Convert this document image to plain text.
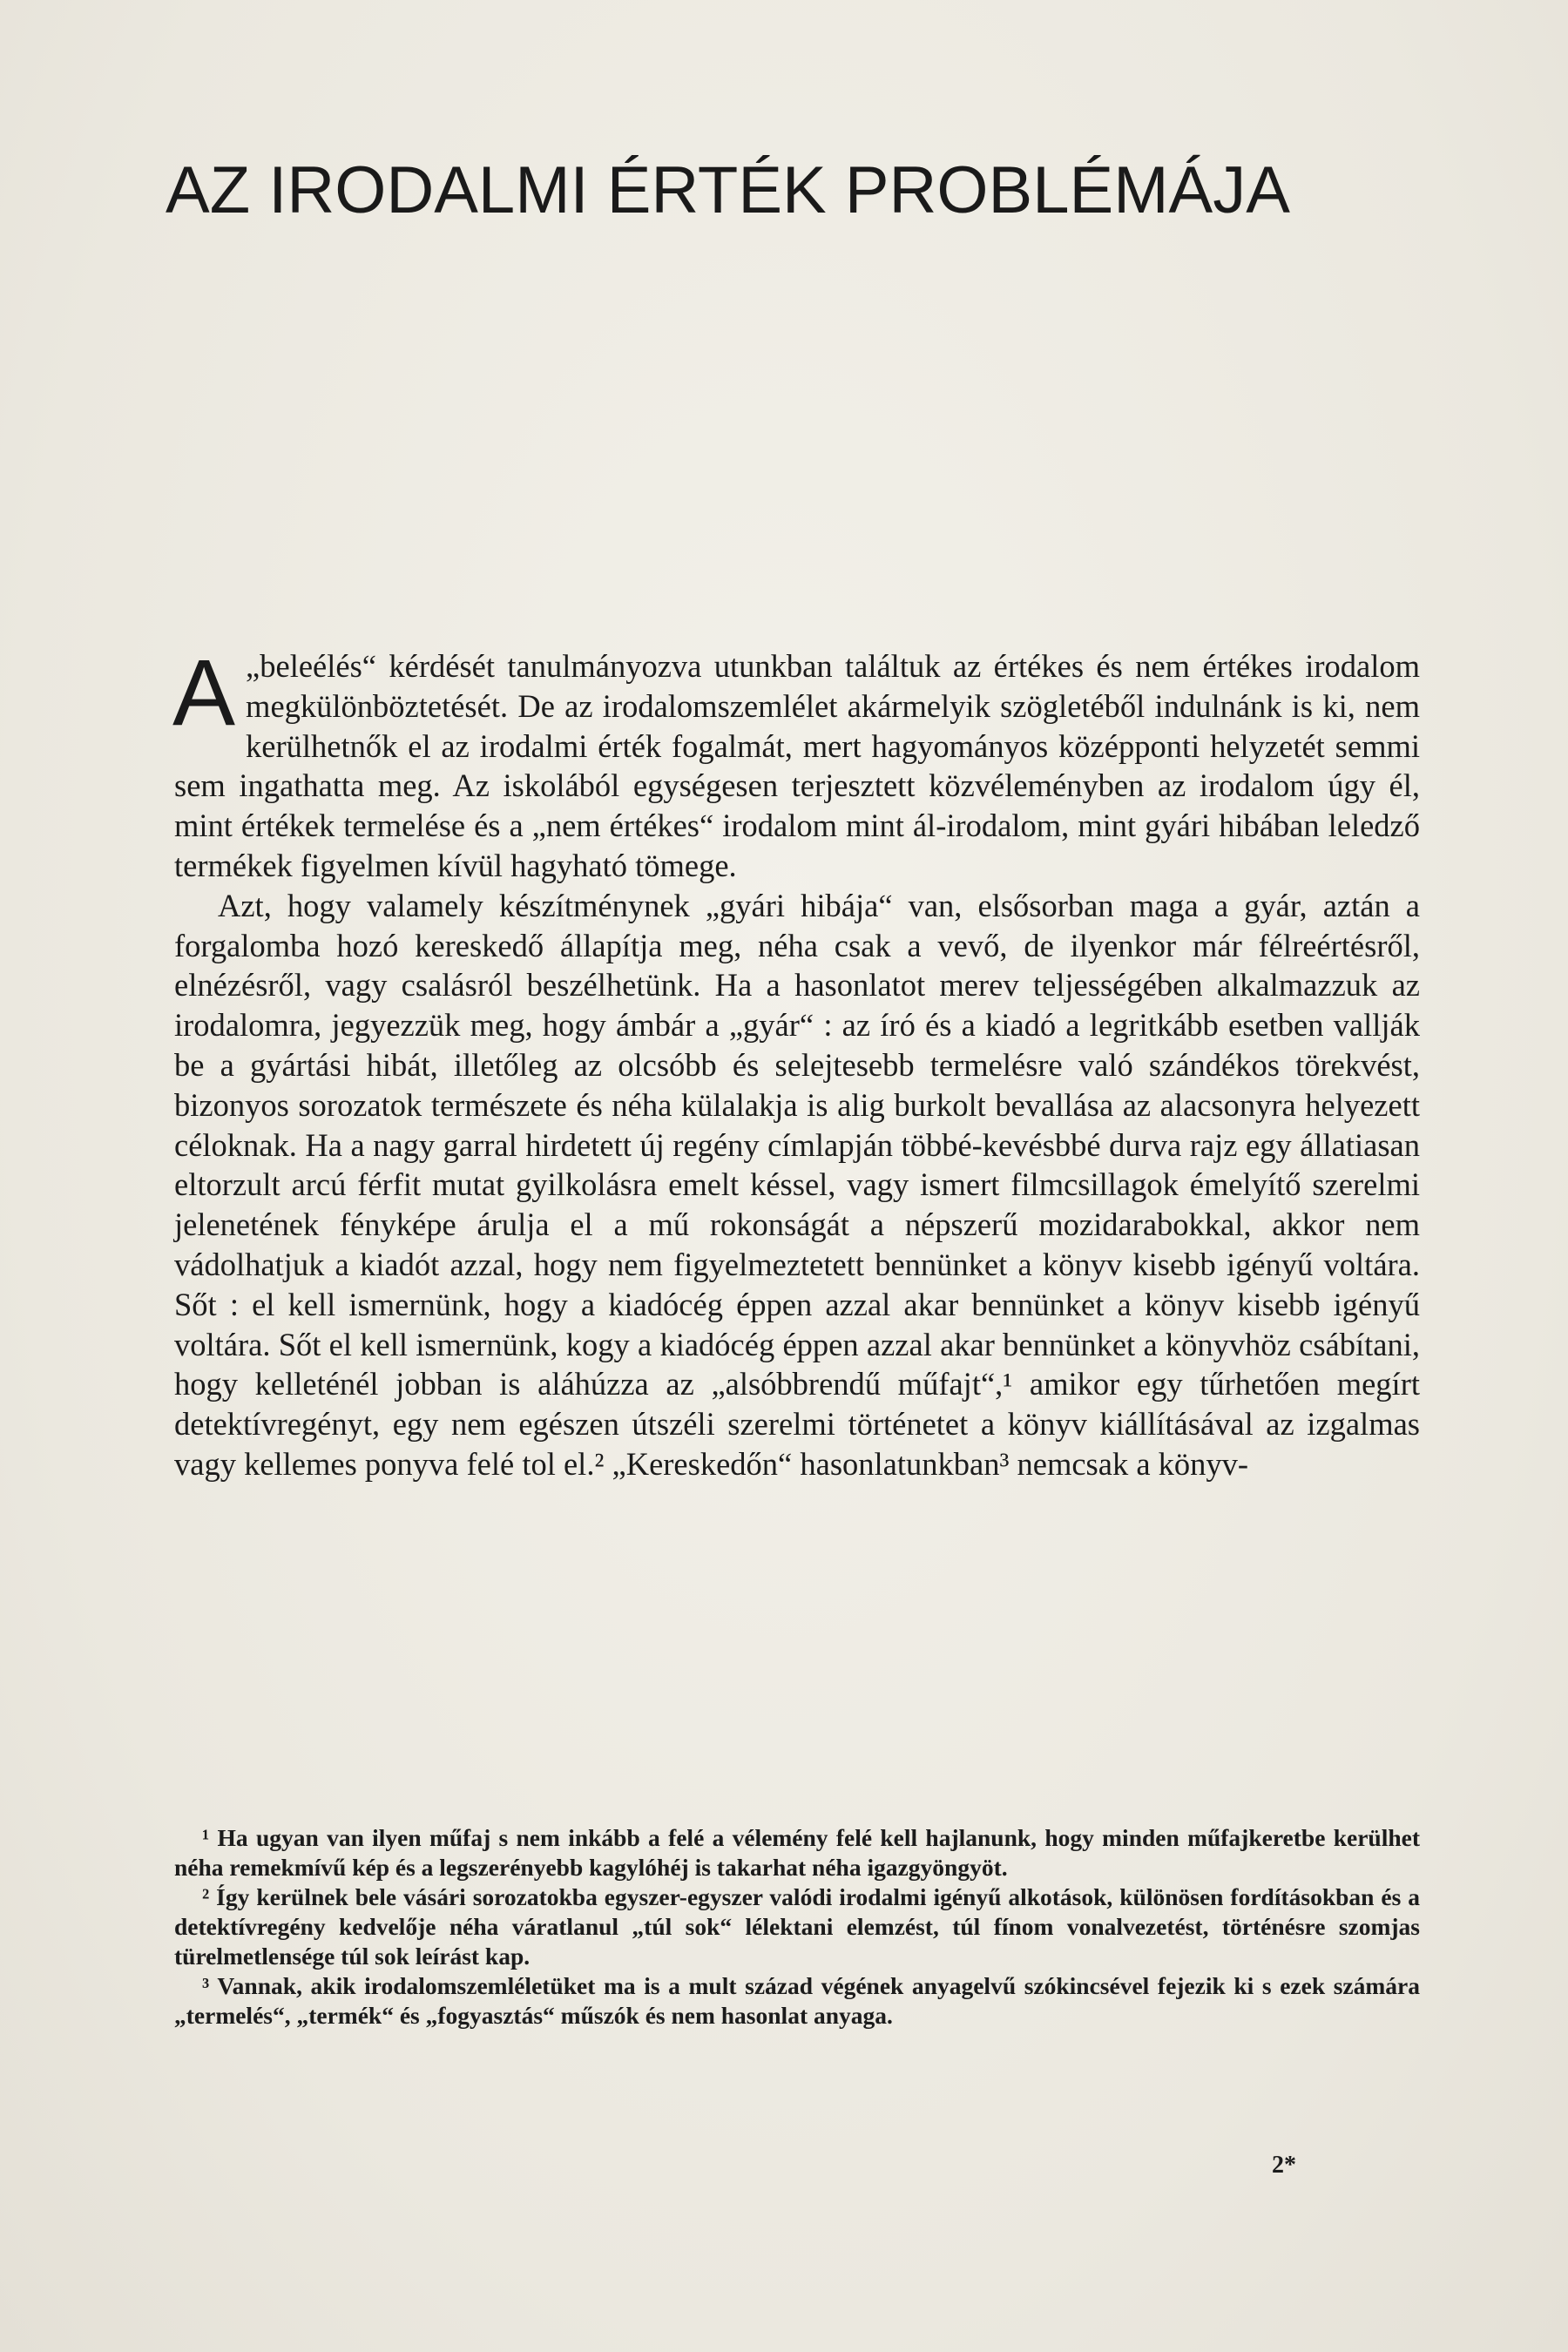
AZ IRODALMI ÉRTÉK PROBLÉMÁJA

A „beleélés“ kérdését tanulmányozva utunkban találtuk az értékes és nem értékes irodalom megkülönböztetését. De az irodalomszemlélet akármelyik szögletéből indulnánk is ki, nem kerülhetnők el az irodalmi érték fogalmát, mert hagyományos középponti helyzetét semmi sem ingathatta meg. Az iskolából egységesen terjesztett közvéleményben az irodalom úgy él, mint értékek termelése és a „nem értékes“ irodalom mint ál-irodalom, mint gyári hibában leledző termékek figyelmen kívül hagyható tömege.

Azt, hogy valamely készítménynek „gyári hibája“ van, elsősorban maga a gyár, aztán a forgalomba hozó kereskedő állapítja meg, néha csak a vevő, de ilyenkor már félreértésről, elnézésről, vagy csalásról beszélhetünk. Ha a hasonlatot merev teljességében alkalmazzuk az irodalomra, jegyezzük meg, hogy ámbár a „gyár“ : az író és a kiadó a legritkább esetben vallják be a gyártási hibát, illetőleg az olcsóbb és selejtesebb termelésre való szándékos törekvést, bizonyos sorozatok természete és néha külalakja is alig burkolt bevallása az alacsonyra helyezett céloknak. Ha a nagy garral hirdetett új regény címlapján többé-kevésbbé durva rajz egy állatiasan eltorzult arcú férfit mutat gyilkolásra emelt késsel, vagy ismert filmcsillagok émelyítő szerelmi jelenetének fényképe árulja el a mű rokonságát a népszerű mozidarabokkal, akkor nem vádolhatjuk a kiadót azzal, hogy nem figyelmeztetett bennünket a könyv kisebb igényű voltára. Sőt : el kell ismernünk, hogy a kiadócég éppen azzal akar bennünket a könyv kisebb igényű voltára. Sőt el kell ismernünk, kogy a kiadócég éppen azzal akar bennünket a könyvhöz csábítani, hogy kelleténél jobban is aláhúzza az „alsóbbrendű műfajt“,¹ amikor egy tűrhetően megírt detektívregényt, egy nem egészen útszéli szerelmi történetet a könyv kiállításával az izgalmas vagy kellemes ponyva felé tol el.² „Kereskedőn“ hasonlatunkban³ nemcsak a könyv-

¹ Ha ugyan van ilyen műfaj s nem inkább a felé a vélemény felé kell hajlanunk, hogy minden műfajkeretbe kerülhet néha remekmívű kép és a legszerényebb kagylóhéj is takarhat néha igazgyöngyöt.

² Így kerülnek bele vásári sorozatokba egyszer-egyszer valódi irodalmi igényű alkotások, különösen fordításokban és a detektívregény kedvelője néha váratlanul „túl sok“ lélektani elemzést, túl fínom vonalvezetést, történésre szomjas türelmetlensége túl sok leírást kap.

³ Vannak, akik irodalomszemléletüket ma is a mult század végének anyagelvű szókincsével fejezik ki s ezek számára „termelés“, „termék“ és „fogyasztás“ műszók és nem hasonlat anyaga.

2*
